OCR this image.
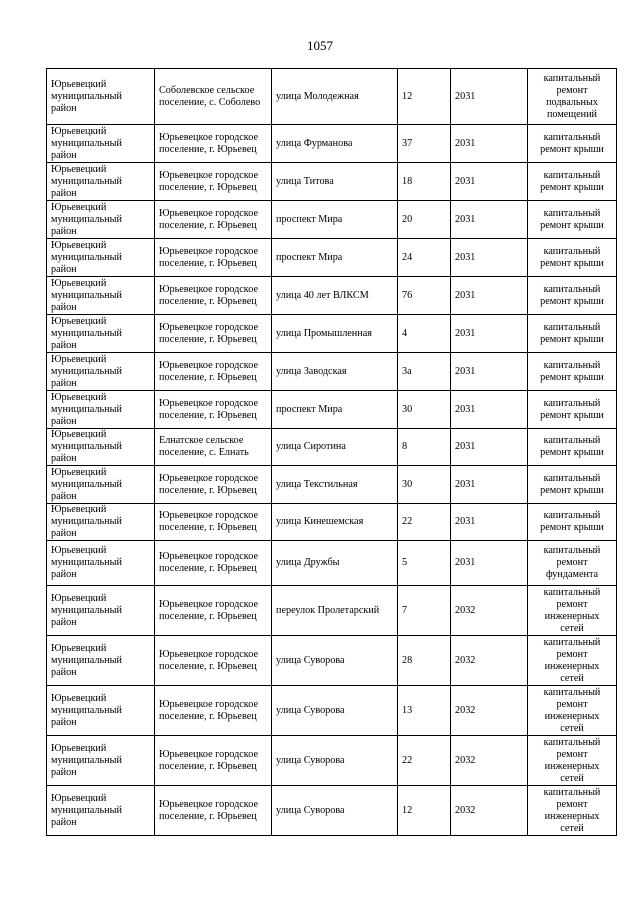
1057
Юрьевецкий муниципальный район	Соболевское сельское поселение, с. Соболево	улица Молодежная	12	2031	капитальный ремонт подвальных помещений
Юрьевецкий муниципальный район	Юрьевецкое городское поселение, г. Юрьевец	улица Фурманова	37	2031	капитальный ремонт крыши
Юрьевецкий муниципальный район	Юрьевецкое городское поселение, г. Юрьевец	улица Титова	18	2031	капитальный ремонт крыши
Юрьевецкий муниципальный район	Юрьевецкое городское поселение, г. Юрьевец	проспект Мира	20	2031	капитальный ремонт крыши
Юрьевецкий муниципальный район	Юрьевецкое городское поселение, г. Юрьевец	проспект Мира	24	2031	капитальный ремонт крыши
Юрьевецкий муниципальный район	Юрьевецкое городское поселение, г. Юрьевец	улица 40 лет ВЛКСМ	76	2031	капитальный ремонт крыши
Юрьевецкий муниципальный район	Юрьевецкое городское поселение, г. Юрьевец	улица Промышленная	4	2031	капитальный ремонт крыши
Юрьевецкий муниципальный район	Юрьевецкое городское поселение, г. Юрьевец	улица Заводская	3а	2031	капитальный ремонт крыши
Юрьевецкий муниципальный район	Юрьевецкое городское поселение, г. Юрьевец	проспект Мира	30	2031	капитальный ремонт крыши
Юрьевецкий муниципальный район	Елнатское сельское поселение, с. Елнать	улица Сиротина	8	2031	капитальный ремонт крыши
Юрьевецкий муниципальный район	Юрьевецкое городское поселение, г. Юрьевец	улица Текстильная	30	2031	капитальный ремонт крыши
Юрьевецкий муниципальный район	Юрьевецкое городское поселение, г. Юрьевец	улица Кинешемская	22	2031	капитальный ремонт крыши
Юрьевецкий муниципальный район	Юрьевецкое городское поселение, г. Юрьевец	улица Дружбы	5	2031	капитальный ремонт фундамента
Юрьевецкий муниципальный район	Юрьевецкое городское поселение, г. Юрьевец	переулок Пролетарский	7	2032	капитальный ремонт инженерных сетей
Юрьевецкий муниципальный район	Юрьевецкое городское поселение, г. Юрьевец	улица Суворова	28	2032	капитальный ремонт инженерных сетей
Юрьевецкий муниципальный район	Юрьевецкое городское поселение, г. Юрьевец	улица Суворова	13	2032	капитальный ремонт инженерных сетей
Юрьевецкий муниципальный район	Юрьевецкое городское поселение, г. Юрьевец	улица Суворова	22	2032	капитальный ремонт инженерных сетей
Юрьевецкий муниципальный район	Юрьевецкое городское поселение, г. Юрьевец	улица Суворова	12	2032	капитальный ремонт инженерных сетей
